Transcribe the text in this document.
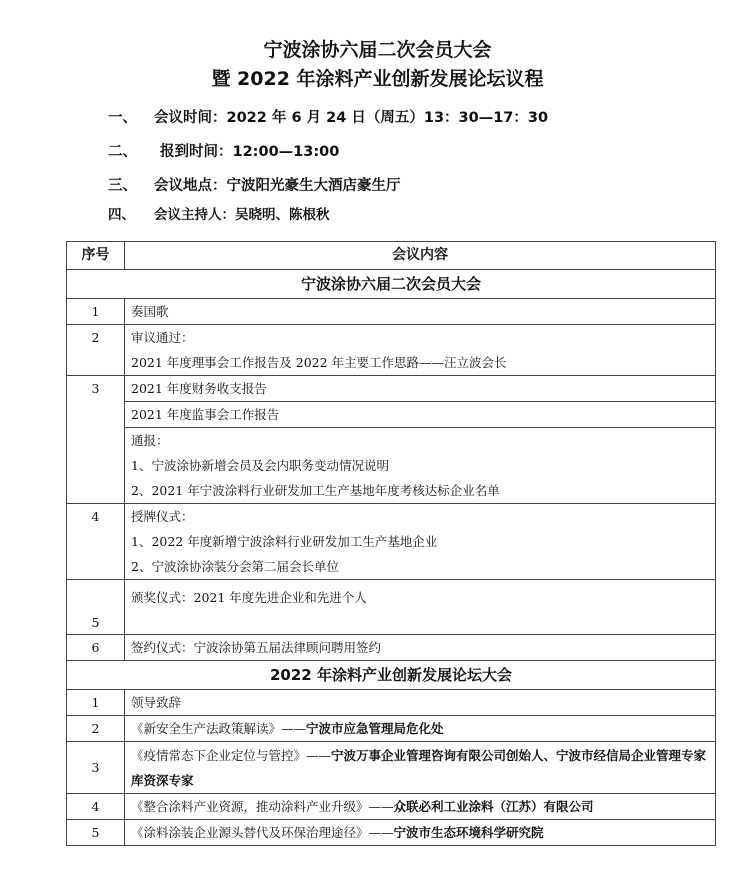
宁波涂协六届二次会员大会
暨 2022 年涂料产业创新发展论坛议程
一、 会议时间：2022 年 6 月 24 日（周五）13：30—17：30
二、 报到时间：12:00—13:00
三、 会议地点：宁波阳光豪生大酒店豪生厅
四、 会议主持人：吴晓明、陈根秋
序号	会议内容
宁波涂协六届二次会员大会	
1	奏国歌

2	审议通过：
2021 年度理事会工作报告及 2022 年主要工作思路——汪立波会长

3	2021 年度财务收支报告

	2021 年度监事会工作报告

	通报：
1、宁波涂协新增会员及会内职务变动情况说明
2、2021 年宁波涂料行业研发加工生产基地年度考核达标企业名单

4	授牌仪式：
1、2022 年度新增宁波涂料行业研发加工生产基地企业
2、宁波涂协涂装分会第二届会长单位

5	颁奖仪式：2021 年度先进企业和先进个人

6	签约仪式：宁波涂协第五届法律顾问聘用签约

2022 年涂料产业创新发展论坛大会	
1	领导致辞

2	《新安全生产法政策解读》——宁波市应急管理局危化处

3	《疫情常态下企业定位与管控》——宁波万事企业管理咨询有限公司创始人、宁波市经信局企业管理专家库资深专家

4	《整合涂料产业资源，推动涂料产业升级》——众联必利工业涂料（江苏）有限公司

5	《涂料涂装企业源头替代及环保治理途径》——宁波市生态环境科学研究院
